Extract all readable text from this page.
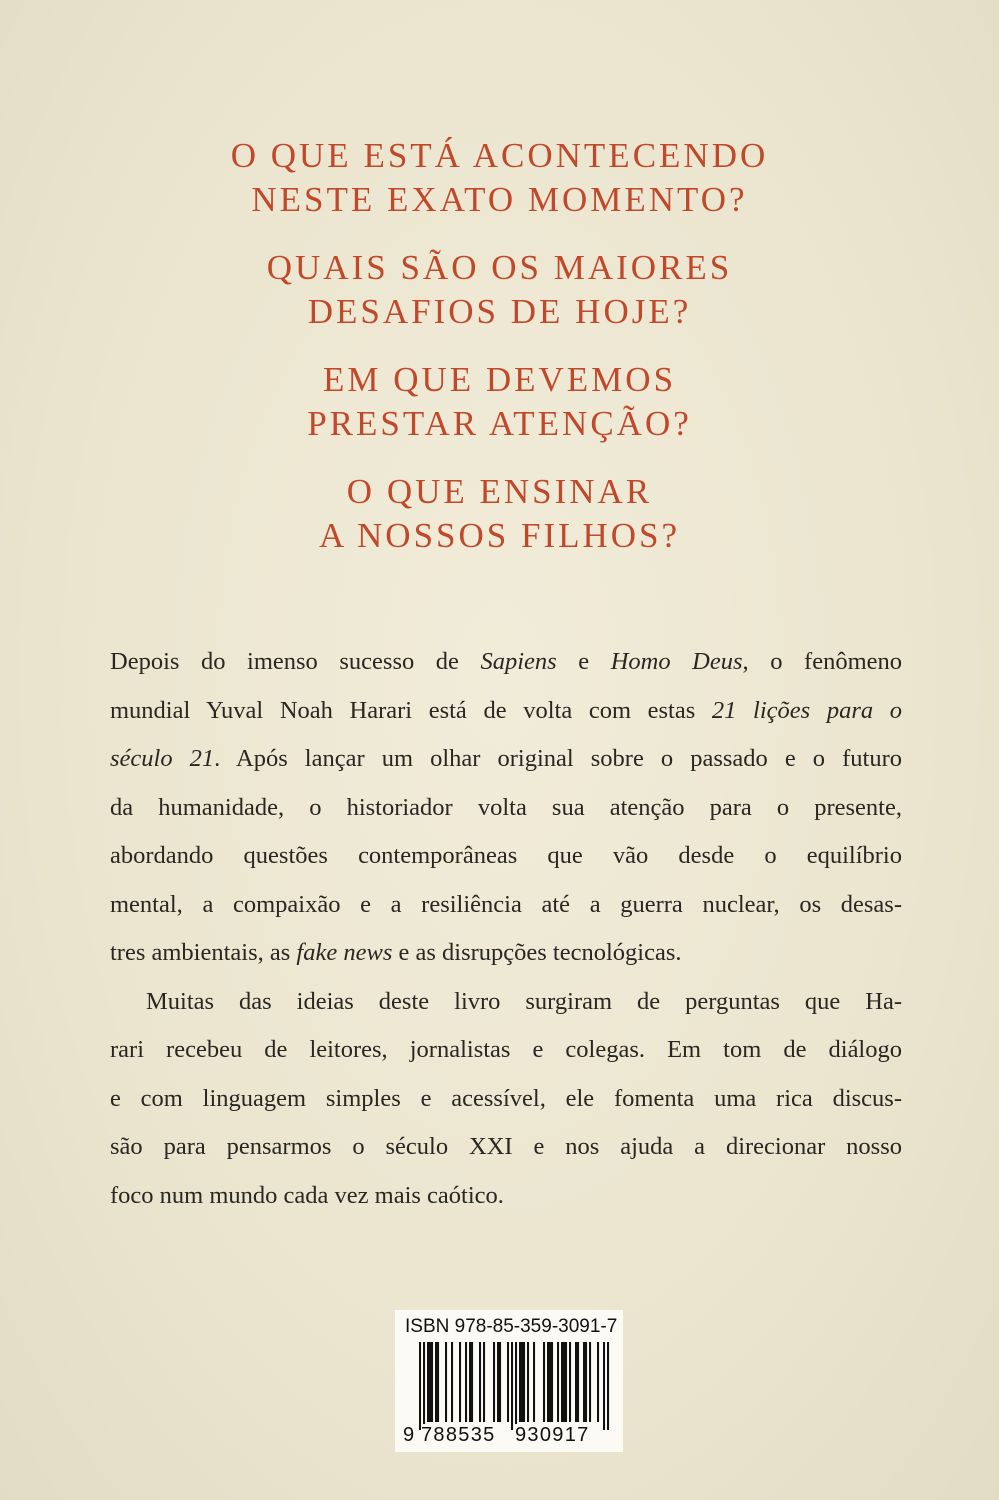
O QUE ESTÁ ACONTECENDO
NESTE EXATO MOMENTO?
QUAIS SÃO OS MAIORES
DESAFIOS DE HOJE?
EM QUE DEVEMOS
PRESTAR ATENÇÃO?
O QUE ENSINAR
A NOSSOS FILHOS?
Depois do imenso sucesso de Sapiens e Homo Deus, o fenômeno
mundial Yuval Noah Harari está de volta com estas 21 lições para o
século 21. Após lançar um olhar original sobre o passado e o futuro
da humanidade, o historiador volta sua atenção para o presente,
abordando questões contemporâneas que vão desde o equilíbrio
mental, a compaixão e a resiliência até a guerra nuclear, os desas-
tres ambientais, as fake news e as disrupções tecnológicas.
Muitas das ideias deste livro surgiram de perguntas que Ha-
rari recebeu de leitores, jornalistas e colegas. Em tom de diálogo
e com linguagem simples e acessível, ele fomenta uma rica discus-
são para pensarmos o século XXI e nos ajuda a direcionar nosso
foco num mundo cada vez mais caótico.
ISBN 978-85-359-3091-7
9 788535 930917
